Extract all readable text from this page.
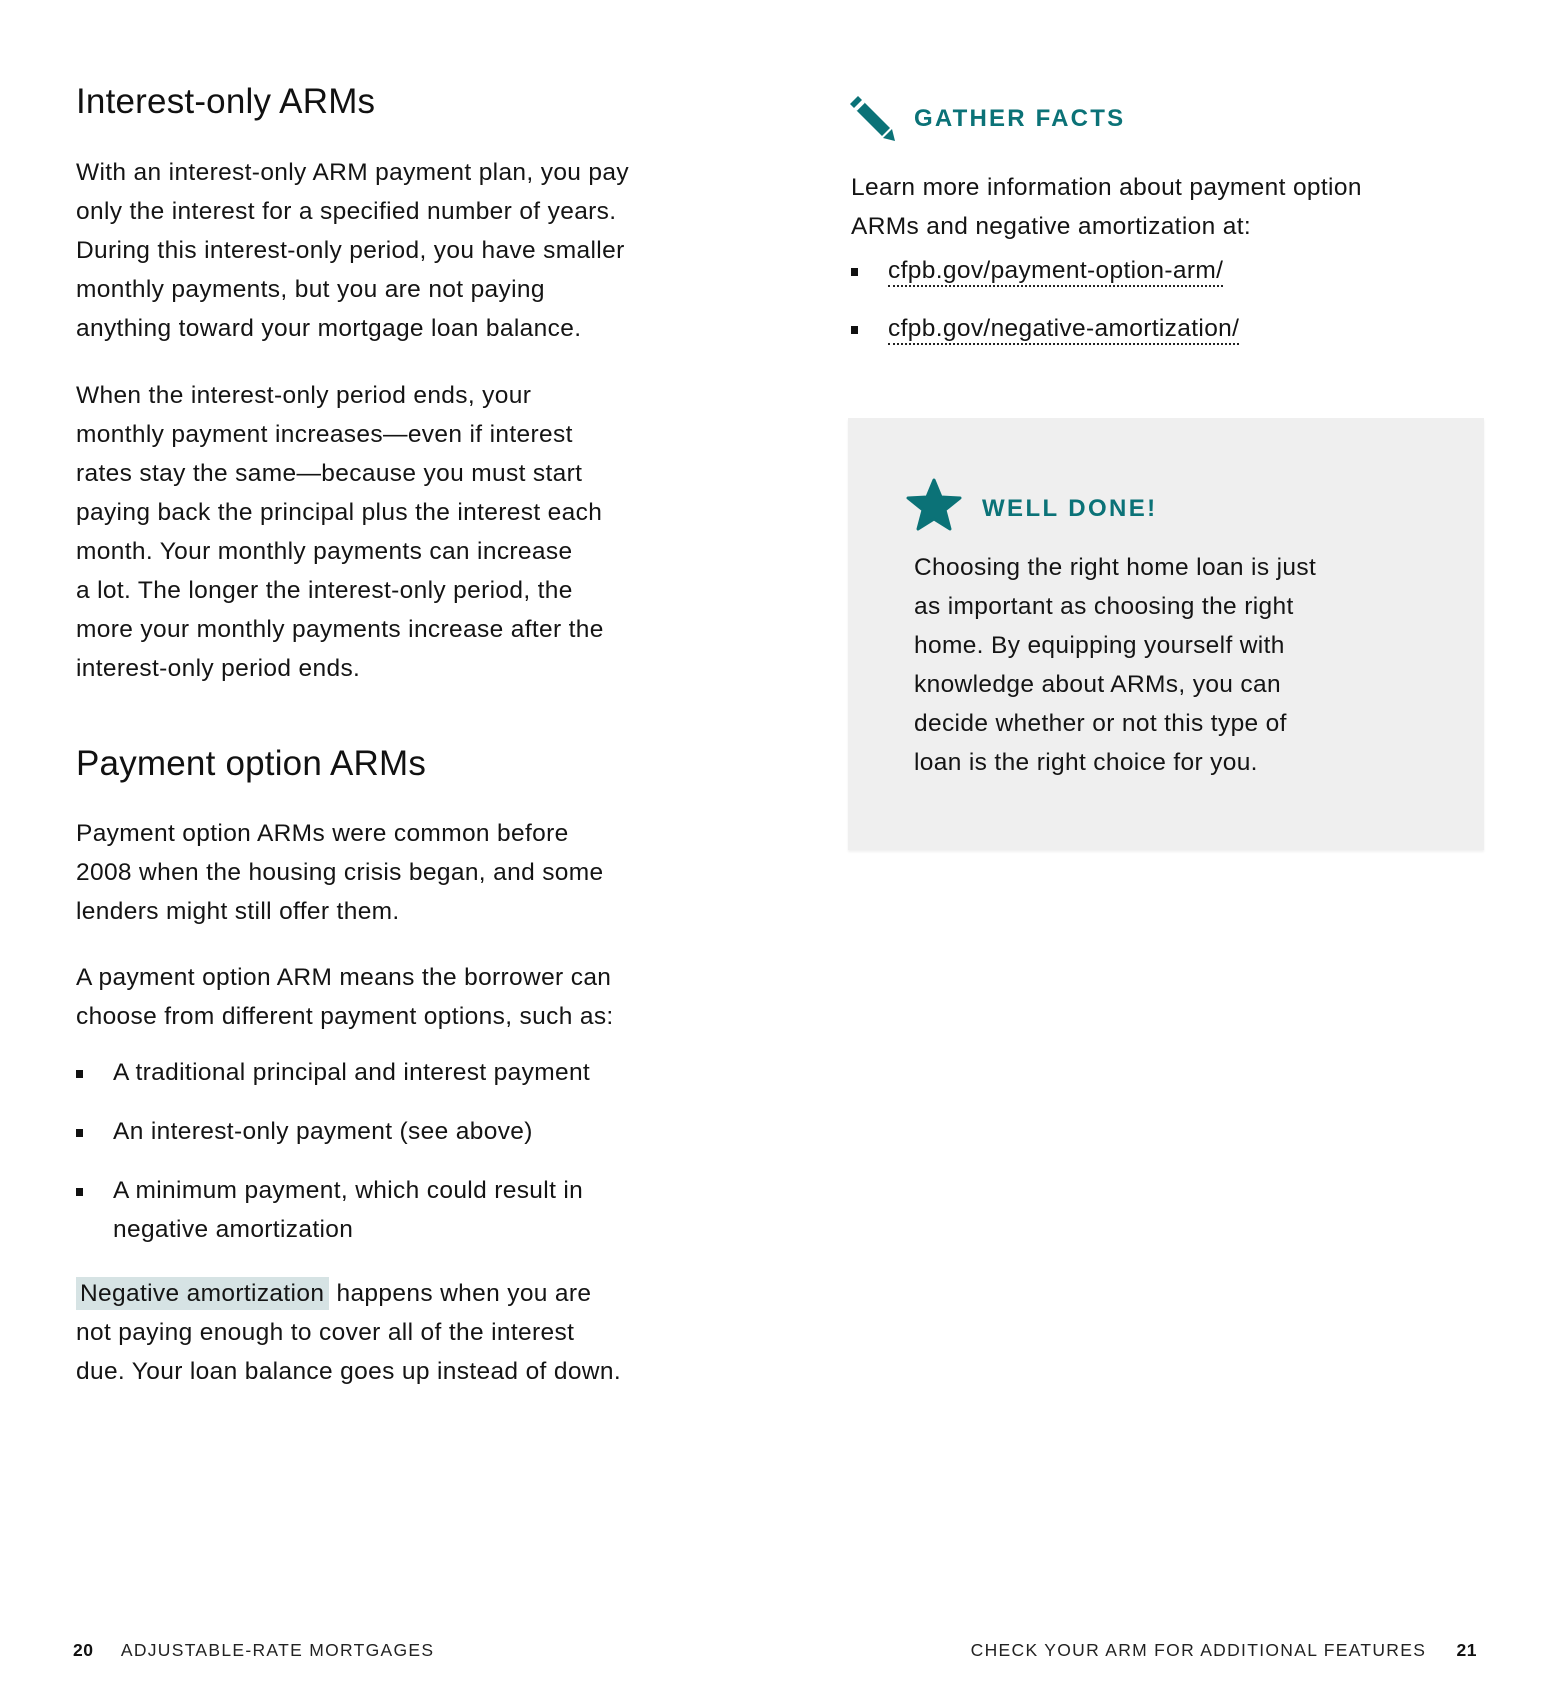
Interest-only ARMs
With an interest-only ARM payment plan, you pay
only the interest for a specified number of years.
During this interest-only period, you have smaller
monthly payments, but you are not paying
anything toward your mortgage loan balance.
When the interest-only period ends, your
monthly payment increases—even if interest
rates stay the same—because you must start
paying back the principal plus the interest each
month. Your monthly payments can increase
a lot. The longer the interest-only period, the
more your monthly payments increase after the
interest-only period ends.
Payment option ARMs
Payment option ARMs were common before
2008 when the housing crisis began, and some
lenders might still offer them.
A payment option ARM means the borrower can
choose from different payment options, such as:
A traditional principal and interest payment
An interest-only payment (see above)
A minimum payment, which could result in
negative amortization
Negative amortization happens when you are
not paying enough to cover all of the interest
due. Your loan balance goes up instead of down.
GATHER FACTS
Learn more information about payment option
ARMs and negative amortization at:
cfpb.gov/payment-option-arm/
cfpb.gov/negative-amortization/
WELL DONE!
Choosing the right home loan is just
as important as choosing the right
home. By equipping yourself with
knowledge about ARMs, you can
decide whether or not this type of
loan is the right choice for you.
20 ADJUSTABLE-RATE MORTGAGES	CHECK YOUR ARM FOR ADDITIONAL FEATURES 21
